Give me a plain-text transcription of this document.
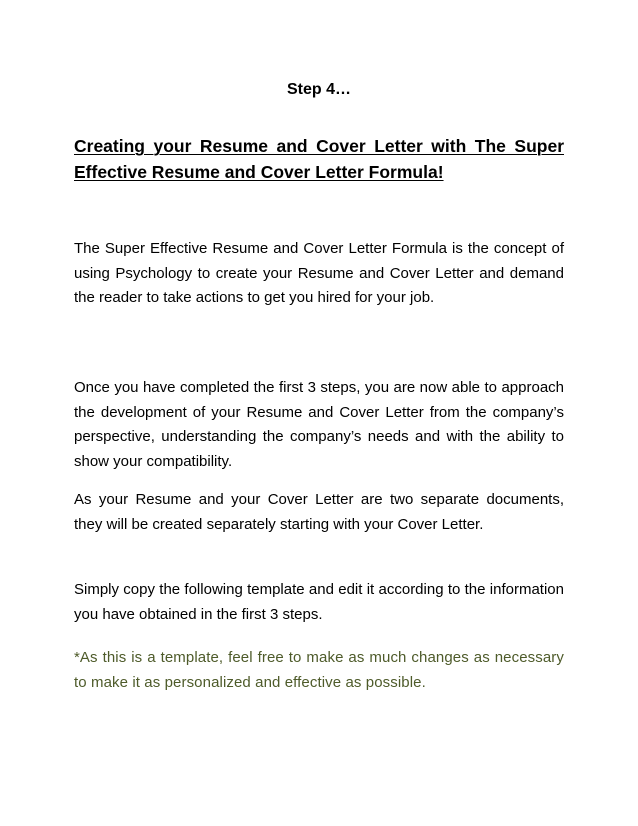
Step 4…
Creating your Resume and Cover Letter with The Super Effective Resume and Cover Letter Formula!

The Super Effective Resume and Cover Letter Formula is the concept of using Psychology to create your Resume and Cover Letter and demand the reader to take actions to get you hired for your job.

Once you have completed the first 3 steps, you are now able to approach the development of your Resume and Cover Letter from the company’s perspective, understanding the company’s needs and with the ability to show your compatibility.

As your Resume and your Cover Letter are two separate documents, they will be created separately starting with your Cover Letter.

Simply copy the following template and edit it according to the information you have obtained in the first 3 steps.

*As this is a template, feel free to make as much changes as necessary to make it as personalized and effective as possible.
